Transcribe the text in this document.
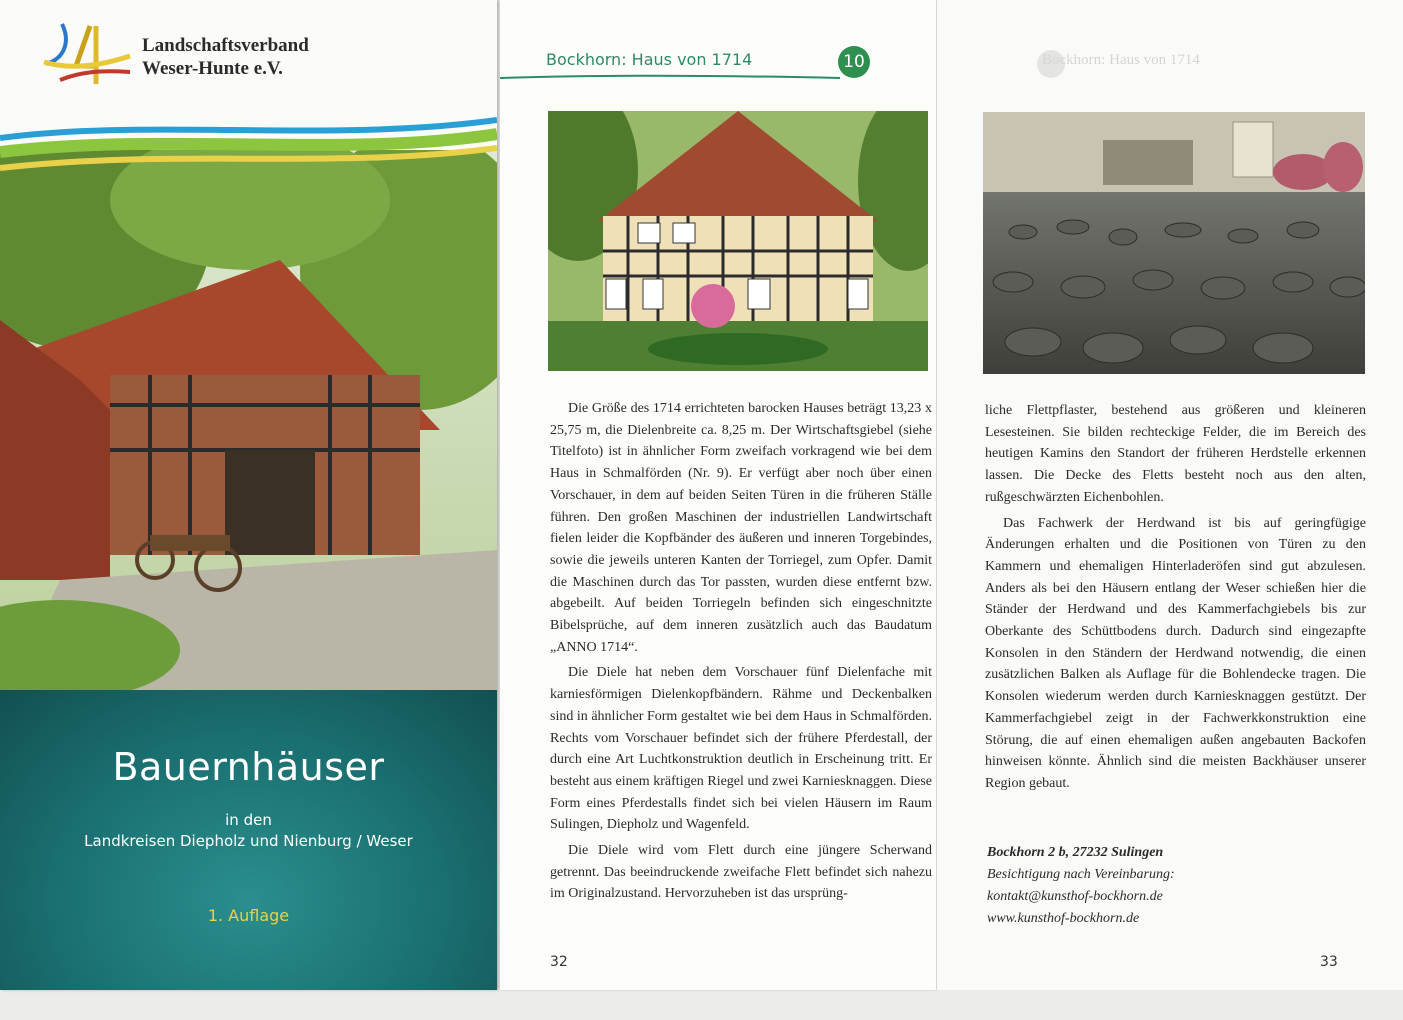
Landschaftsverband
Weser-Hunte e.V.
Bauernhäuser
in den
Landkreisen Diepholz und Nienburg / Weser
1. Auflage
Bockhorn: Haus von 1714	10

Die Größe des 1714 errichteten barocken Hauses beträgt 13,23 x 25,75 m, die Dielenbreite ca. 8,25 m. Der Wirtschaftsgiebel (siehe Titelfoto) ist in ähnlicher Form zweifach vorkragend wie bei dem Haus in Schmalförden (Nr. 9). Er verfügt aber noch über einen Vorschauer, in dem auf beiden Seiten Türen in die früheren Ställe führen. Den großen Maschinen der industriellen Landwirtschaft fielen leider die Kopfbänder des äußeren und inneren Torgebindes, sowie die jeweils unteren Kanten der Torriegel, zum Opfer. Damit die Maschinen durch das Tor passten, wurden diese entfernt bzw. abgebeilt. Auf beiden Torriegeln befinden sich eingeschnitzte Bibelsprüche, auf dem inneren zusätzlich auch das Baudatum „ANNO 1714“.

Die Diele hat neben dem Vorschauer fünf Dielenfache mit karniesförmigen Dielenkopfbändern. Rähme und Deckenbalken sind in ähnlicher Form gestaltet wie bei dem Haus in Schmalförden. Rechts vom Vorschauer befindet sich der frühere Pferdestall, der durch eine Art Luchtkonstruktion deutlich in Erscheinung tritt. Er besteht aus einem kräftigen Riegel und zwei Karniesknaggen. Diese Form eines Pferdestalls findet sich bei vielen Häusern im Raum Sulingen, Diepholz und Wagenfeld.

Die Diele wird vom Flett durch eine jüngere Scherwand getrennt. Das beeindruckende zweifache Flett befindet sich nahezu im Originalzustand. Hervorzuheben ist das ursprüng-

32
Bockhorn: Haus von 1714

liche Flettpflaster, bestehend aus größeren und kleineren Lesesteinen. Sie bilden rechteckige Felder, die im Bereich des heutigen Kamins den Standort der früheren Herdstelle erkennen lassen. Die Decke des Fletts besteht noch aus den alten, rußgeschwärzten Eichenbohlen.

Das Fachwerk der Herdwand ist bis auf geringfügige Änderungen erhalten und die Positionen von Türen zu den Kammern und ehemaligen Hinterladeröfen sind gut abzulesen. Anders als bei den Häusern entlang der Weser schießen hier die Ständer der Herdwand und des Kammerfachgiebels bis zur Oberkante des Schüttbodens durch. Dadurch sind eingezapfte Konsolen in den Ständern der Herdwand notwendig, die einen zusätzlichen Balken als Auflage für die Bohlendecke tragen. Die Konsolen wiederum werden durch Karniesknaggen gestützt. Der Kammerfachgiebel zeigt in der Fachwerkkonstruktion eine Störung, die auf einen ehemaligen außen angebauten Backofen hinweisen könnte. Ähnlich sind die meisten Backhäuser unserer Region gebaut.

Bockhorn 2 b, 27232 Sulingen
Besichtigung nach Vereinbarung:
kontakt@kunsthof-bockhorn.de
www.kunsthof-bockhorn.de
33
